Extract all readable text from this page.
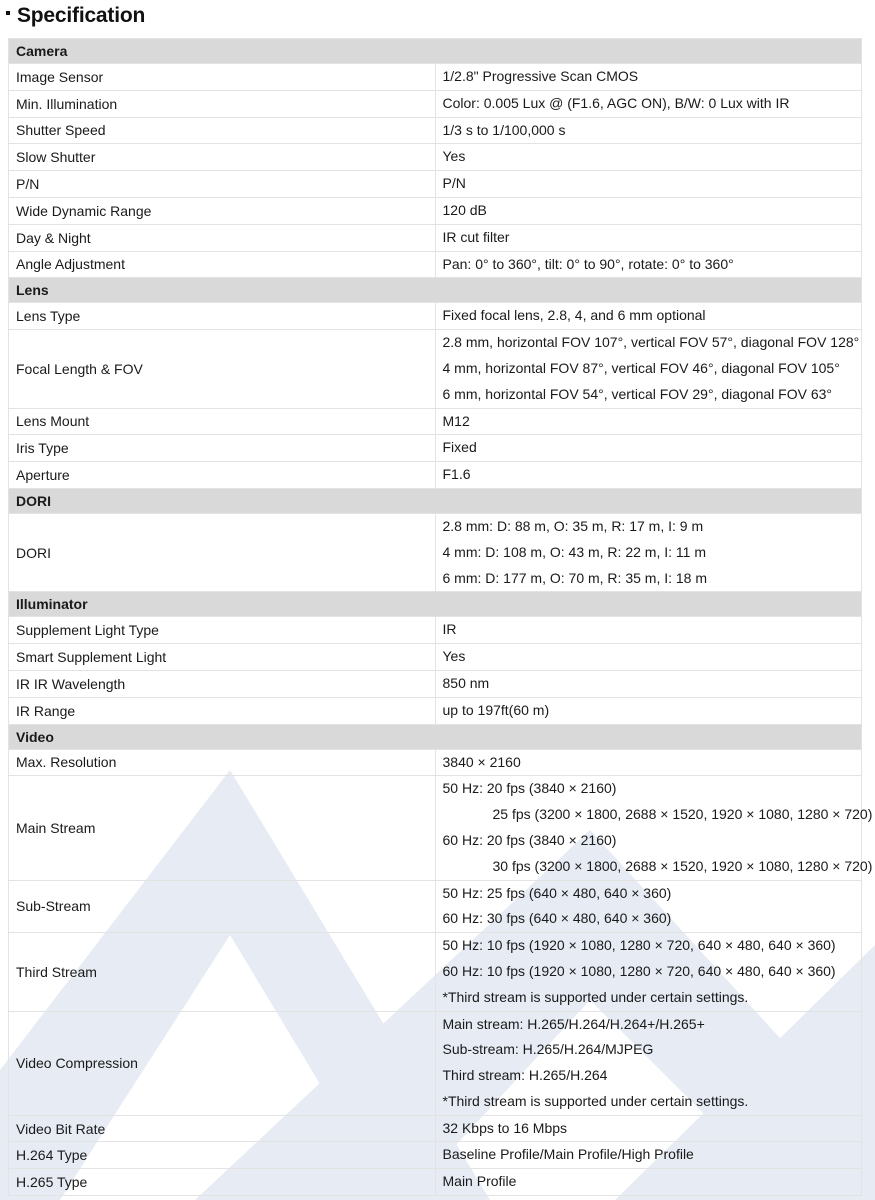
Specification
Camera	
Image Sensor	1/2.8" Progressive Scan CMOS

Min. Illumination	Color: 0.005 Lux @ (F1.6, AGC ON), B/W: 0 Lux with IR

Shutter Speed	1/3 s to 1/100,000 s

Slow Shutter	Yes

P/N	P/N

Wide Dynamic Range	120 dB

Day & Night	IR cut filter

Angle Adjustment	Pan: 0° to 360°, tilt: 0° to 90°, rotate: 0° to 360°

Lens	
Lens Type	Fixed focal lens, 2.8, 4, and 6 mm optional

Focal Length & FOV	2.8 mm, horizontal FOV 107°, vertical FOV 57°, diagonal FOV 128°
4 mm, horizontal FOV 87°, vertical FOV 46°, diagonal FOV 105°
6 mm, horizontal FOV 54°, vertical FOV 29°, diagonal FOV 63°

Lens Mount	M12

Iris Type	Fixed

Aperture	F1.6

DORI	
DORI	2.8 mm: D: 88 m, O: 35 m, R: 17 m, I: 9 m
4 mm: D: 108 m, O: 43 m, R: 22 m, I: 11 m
6 mm: D: 177 m, O: 70 m, R: 35 m, I: 18 m

Illuminator	
Supplement Light Type	IR

Smart Supplement Light	Yes

IR IR Wavelength	850 nm

IR Range	up to 197ft(60 m)

Video	
Max. Resolution	3840 × 2160

Main Stream	50 Hz: 20 fps (3840 × 2160)
25 fps (3200 × 1800, 2688 × 1520, 1920 × 1080, 1280 × 720)
60 Hz: 20 fps (3840 × 2160)
30 fps (3200 × 1800, 2688 × 1520, 1920 × 1080, 1280 × 720)

Sub-Stream	50 Hz: 25 fps (640 × 480, 640 × 360)
60 Hz: 30 fps (640 × 480, 640 × 360)

Third Stream	50 Hz: 10 fps (1920 × 1080, 1280 × 720, 640 × 480, 640 × 360)
60 Hz: 10 fps (1920 × 1080, 1280 × 720, 640 × 480, 640 × 360)
*Third stream is supported under certain settings.

Video Compression	Main stream: H.265/H.264/H.264+/H.265+
Sub-stream: H.265/H.264/MJPEG
Third stream: H.265/H.264
*Third stream is supported under certain settings.

Video Bit Rate	32 Kbps to 16 Mbps

H.264 Type	Baseline Profile/Main Profile/High Profile

H.265 Type	Main Profile
